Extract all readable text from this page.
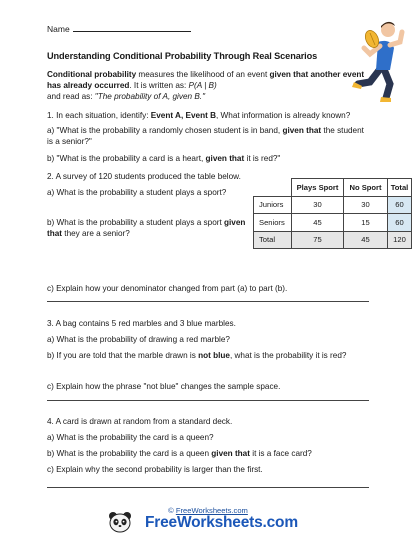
Name
Understanding Conditional Probability Through Real Scenarios
Conditional probability measures the likelihood of an event given that another event has already occurred. It is written as: P(A | B)
and read as: "The probability of A, given B."
1. In each situation, identify: Event A, Event B, What information is already known?
a) "What is the probability a randomly chosen student is in band, given that the student is a senior?"
b) "What is the probability a card is a heart, given that it is red?"
2. A survey of 120 students produced the table below.
a) What is the probability a student plays a sport?
b) What is the probability a student plays a sport given that they are a senior?
	Plays Sport	No Sport	Total
Juniors	30	30	60
Seniors	45	15	60
Total	75	45	120
c) Explain how your denominator changed from part (a) to part (b).
3. A bag contains 5 red marbles and 3 blue marbles.
a) What is the probability of drawing a red marble?
b) If you are told that the marble drawn is not blue, what is the probability it is red?
c) Explain how the phrase "not blue" changes the sample space.
4. A card is drawn at random from a standard deck.
a) What is the probability the card is a queen?
b) What is the probability the card is a queen given that it is a face card?
c) Explain why the second probability is larger than the first.
© FreeWorksheets.com
FreeWorksheets.com
